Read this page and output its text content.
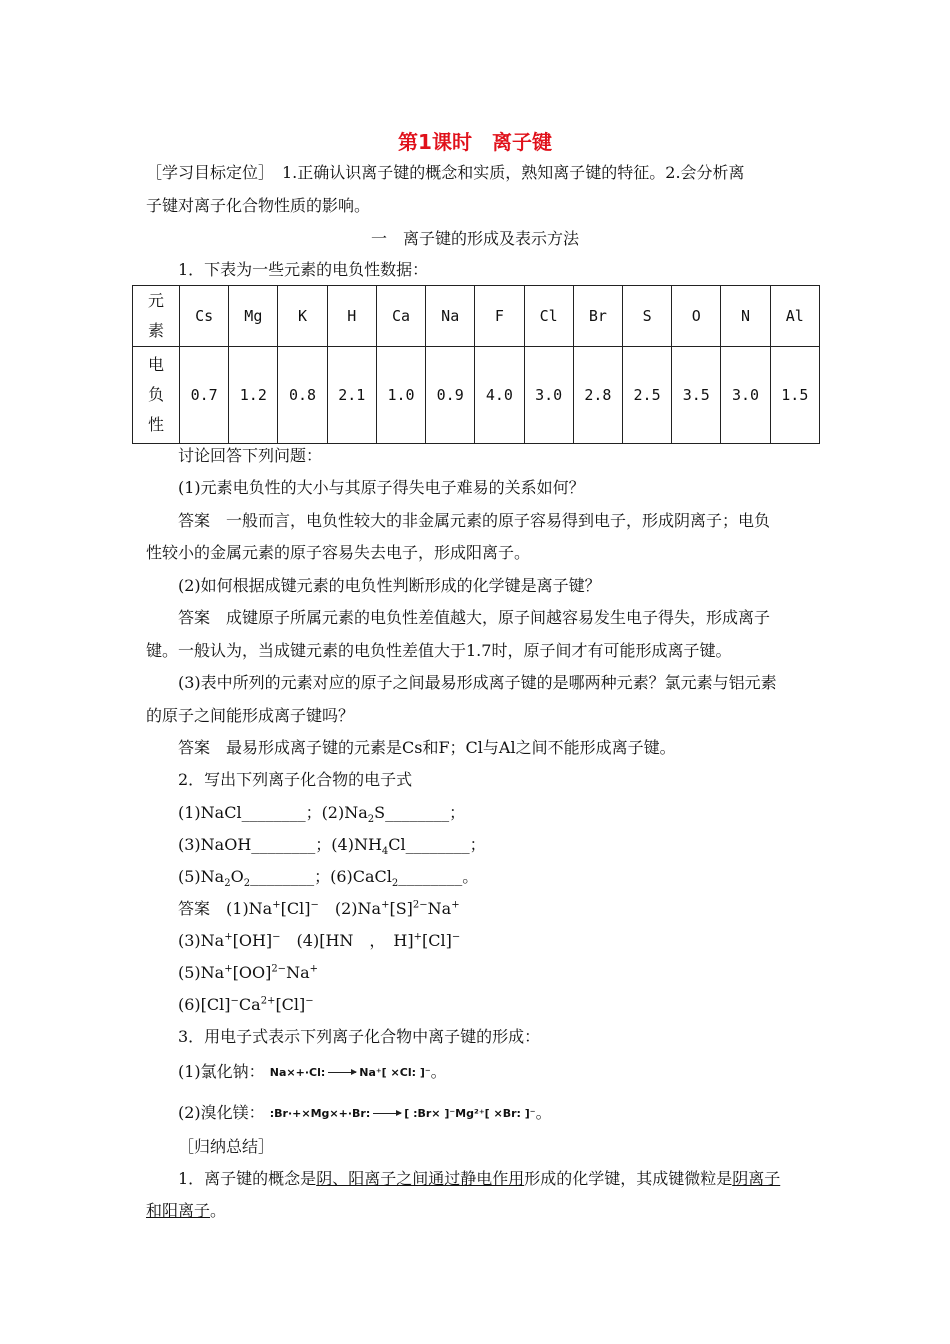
第1课时　离子键
［学习目标定位］　1.正确认识离子键的概念和实质，熟知离子键的特征。2.会分析离
子键对离子化合物性质的影响。
一　离子键的形成及表示方法
1．下表为一些元素的电负性数据：
元素	Cs	Mg	K	H	Ca	Na	F	Cl	Br	S	O	N	Al
电负性	0.7	1.2	0.8	2.1	1.0	0.9	4.0	3.0	2.8	2.5	3.5	3.0	1.5
讨论回答下列问题：
(1)元素电负性的大小与其原子得失电子难易的关系如何？
答案　一般而言，电负性较大的非金属元素的原子容易得到电子，形成阴离子；电负
性较小的金属元素的原子容易失去电子，形成阳离子。
(2)如何根据成键元素的电负性判断形成的化学键是离子键？
答案　成键原子所属元素的电负性差值越大，原子间越容易发生电子得失，形成离子
键。一般认为，当成键元素的电负性差值大于1.7时，原子间才有可能形成离子键。
(3)表中所列的元素对应的原子之间最易形成离子键的是哪两种元素？氯元素与铝元素
的原子之间能形成离子键吗？
答案　最易形成离子键的元素是Cs和F；Cl与Al之间不能形成离子键。
2．写出下列离子化合物的电子式
(1)NaCl________；$(2)Na_2S\_\_\_\_\_\_\_\_$；
(3)NaOH________；$(4)NH_4Cl\_\_\_\_\_\_\_\_$；
$(5)Na_2O_2\_\_\_\_\_\_\_\_$；(6)CaCl$_2$________。
答案　(1)Na+[Cl]−　$(2)Na^+[S]^{2-}Na^+$
(3)Na+[OH]−　(4)[HN　，　H]+[Cl]−
(5)Na+[OO]$^{2-}$Na+
$(6)[Cl]^-Ca^{2+}[Cl]^-$
3．用电子式表示下列离子化合物中离子键的形成：
(1)氯化钠： Na×+·Cl:	Na⁺[ ×Cl: ]⁻。
(2)溴化镁： :Br·+×Mg×+·Br:	[ :Br× ]⁻Mg²⁺[ ×Br: ]⁻。
［归纳总结］
1．离子键的概念是阴、阳离子之间通过静电作用形成的化学键，其成键微粒是阴离子
和阳离子。
